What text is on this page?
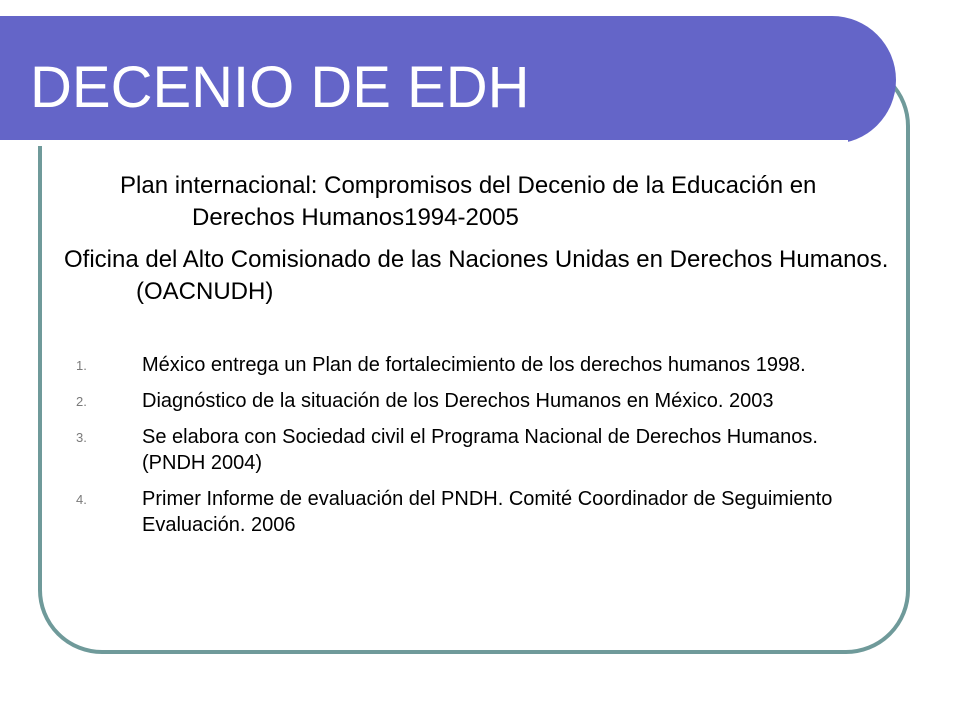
DECENIO DE EDH

Plan internacional: Compromisos del Decenio de la Educación en Derechos Humanos1994-2005

Oficina del Alto Comisionado de las Naciones Unidas en Derechos Humanos. (OACNUDH)

1.	México entrega un Plan de fortalecimiento de los derechos humanos 1998.
2.	Diagnóstico de la situación de los Derechos Humanos en México. 2003
3.	Se elabora con Sociedad civil el Programa Nacional de Derechos Humanos. (PNDH 2004)
4.	Primer Informe de evaluación del PNDH. Comité Coordinador de Seguimiento Evaluación. 2006
